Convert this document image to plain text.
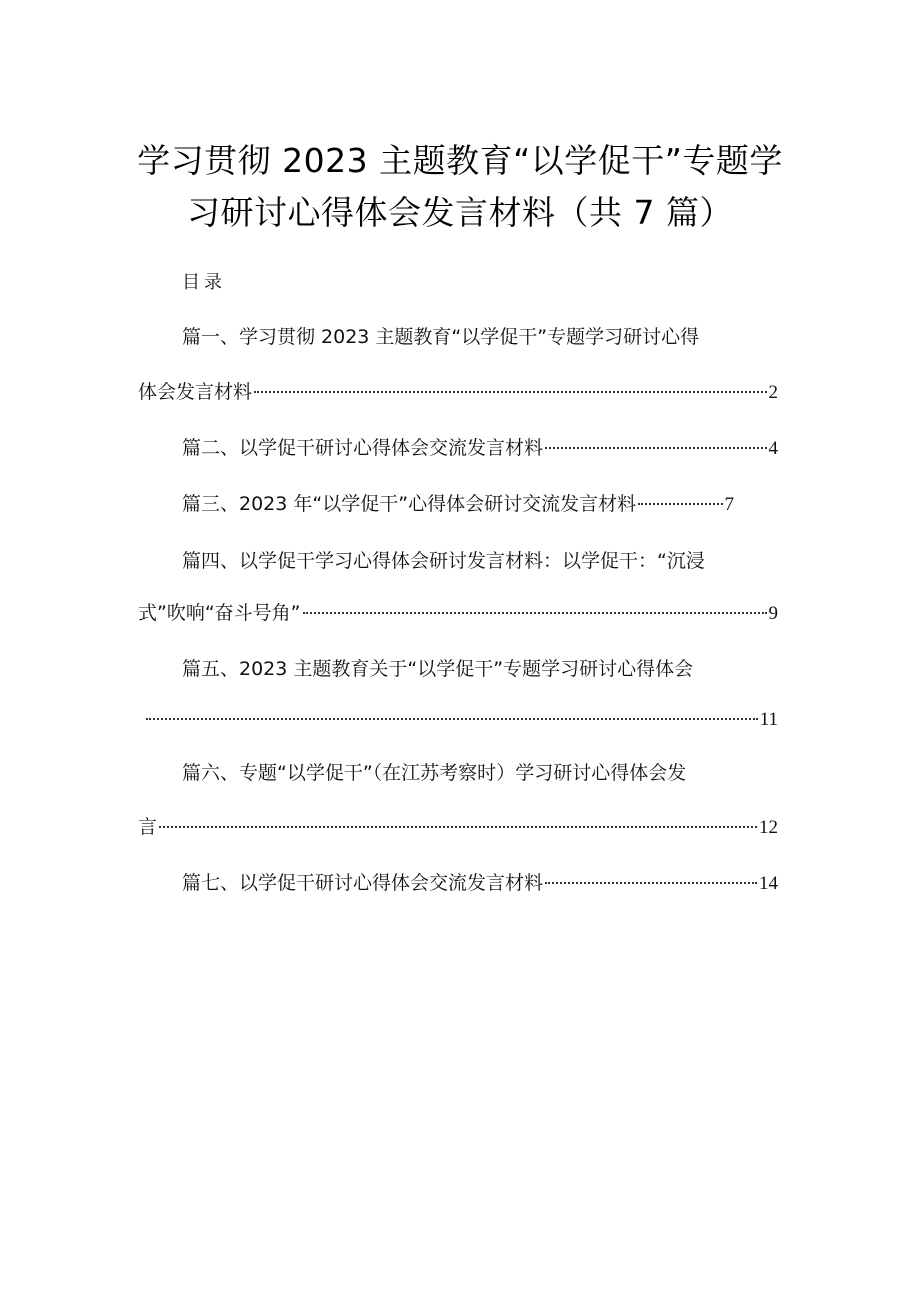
学习贯彻 2023 主题教育“以学促干”专题学
习研讨心得体会发言材料（共 7 篇）
目录
篇一、学习贯彻 2023 主题教育“以学促干”专题学习研讨心得
体会发言材料	2
篇二、以学促干研讨心得体会交流发言材料	4
篇三、2023 年“以学促干”心得体会研讨交流发言材料	7
篇四、以学促干学习心得体会研讨发言材料：以学促干：“沉浸
式”吹响“奋斗号角”	9
篇五、2023 主题教育关于“以学促干”专题学习研讨心得体会
11
篇六、专题“以学促干”（在江苏考察时）学习研讨心得体会发
言	12
篇七、以学促干研讨心得体会交流发言材料	14
